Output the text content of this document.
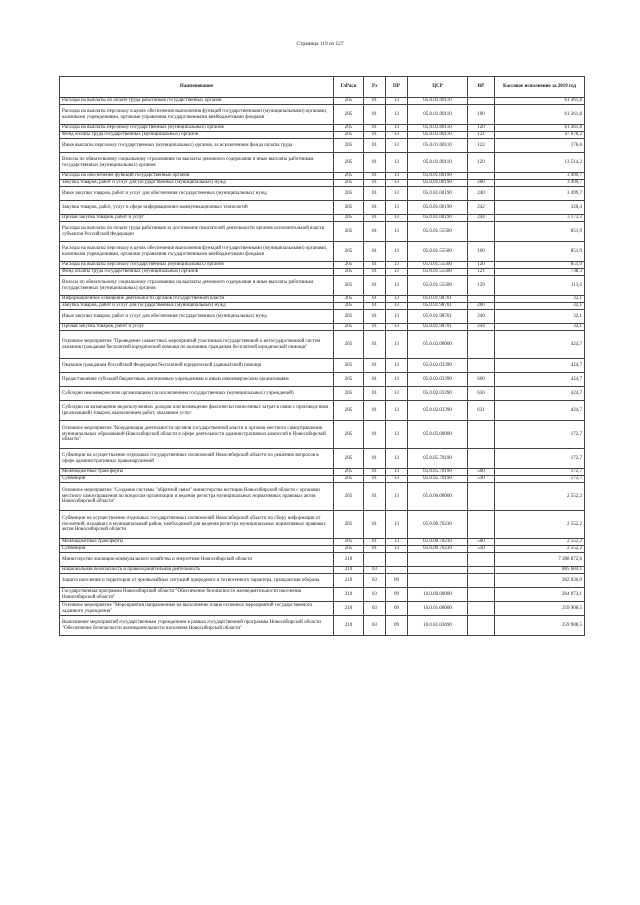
Страница 119 из 127
Наименование	ГлРасп	Рз	ПР	ЦСР	ВР	Кассовое исполнение за 2019 год
Расходы на выплаты по оплате труда работников государственных органов	205	01	13	05.0.01.00110		61 361,8
Расходы на выплаты персоналу в целях обеспечения выполнения функций государственными (муниципальными) органами, казенными учреждениями, органами управления государственными внебюджетными фондами	205	01	13	05.0.01.00110	100	61 361,8
Расходы на выплаты персоналу государственных (муниципальных) органов	205	01	13	05.0.01.00110	120	61 361,8
Фонд оплаты труда государственных (муниципальных) органов	205	01	13	05.0.01.00110	121	47 670,2
Иные выплаты персоналу государственных (муниципальных) органов, за исключением фонда оплаты труда	205	01	13	05.0.01.00110	122	176,6
Взносы по обязательному социальному страхованию на выплаты денежного содержания и иные выплаты работникам государственных (муниципальных) органов	205	01	13	05.0.01.00110	129	13 514,2
Расходы на обеспечение функций государственных органов	205	01	13	05.0.01.00190		3 499,7
Закупка товаров, работ и услуг для государственных (муниципальных) нужд	205	01	13	05.0.01.00190	200	3 499,7
Иные закупки товаров, работ и услуг для обеспечения государственных (муниципальных) нужд	205	01	13	05.0.01.00190	240	3 499,7
Закупка товаров, работ, услуг в сфере информационно-коммуникационных технологий	205	01	13	05.0.01.00190	242	326,4
Прочая закупка товаров, работ и услуг	205	01	13	05.0.01.00190	244	3 173,3
Расходы на выплаты по оплате труда работников за достижение показателей деятельности органов исполнительной власти субъектов Российской Федерации	205	01	13	05.0.01.55500		851,9
Расходы на выплаты персоналу в целях обеспечения выполнения функций государственными (муниципальными) органами, казенными учреждениями, органами управления государственными внебюджетными фондами	205	01	13	05.0.01.55500	100	851,9
Расходы на выплаты персоналу государственных (муниципальных) органов	205	01	13	05.0.01.55500	120	851,9
Фонд оплаты труда государственных (муниципальных) органов	205	01	13	05.0.01.55500	121	738,3
Взносы по обязательному социальному страхованию на выплаты денежного содержания и иные выплаты работникам государственных (муниципальных) органов	205	01	13	05.0.01.55500	129	113,6
Информационное освещение деятельности органов государственной власти	205	01	13	05.0.01.98701		32,1
Закупка товаров, работ и услуг для государственных (муниципальных) нужд	205	01	13	05.0.01.98701	200	32,1
Иные закупки товаров, работ и услуг для обеспечения государственных (муниципальных) нужд	205	01	13	05.0.01.98701	240	32,1
Прочая закупка товаров, работ и услуг	205	01	13	05.0.01.98701	244	32,1
Основное мероприятие "Проведение совместных мероприятий участников государственной и негосударственной систем оказания гражданам бесплатной юридической помощи по оказанию гражданам бесплатной юридической помощи"	205	01	13	05.0.02.00000		424,7
Оказание гражданам Российской Федерации бесплатной юридической (адвокатской) помощи	205	01	13	05.0.02.03390		424,7
Предоставление субсидий бюджетным, автономным учреждениям и иным некоммерческим организациям	205	01	13	05.0.02.03390	600	424,7
Субсидии некоммерческим организациям (за исключением государственных (муниципальных) учреждений)	205	01	13	05.0.02.03390	630	424,7
Субсидии на возмещение недополученных доходов или возмещение фактически понесенных затрат в связи с производством (реализацией) товаров, выполнением работ, оказанием услуг	205	01	13	05.0.02.03390	631	424,7
Основное мероприятие "Координация деятельности органов государственной власти и органов местного самоуправления муниципальных образований Новосибирской области в сфере деятельности административных комиссий в Новосибирской области"	205	01	13	05.0.05.00000		172,7
Субвенции на осуществление отдельных государственных полномочий Новосибирской области по решению вопросов в сфере административных правонарушений	205	01	13	05.0.05.70190		172,7
Межбюджетные трансферты	205	01	13	05.0.05.70190	500	172,7
Субвенции	205	01	13	05.0.05.70190	530	172,7
Основное мероприятие "Создание системы "обратной связи" министерства юстиции Новосибирской области с органами местного самоуправления по вопросам организации и ведения регистра муниципальных нормативных правовых актов Новосибирской области"	205	01	13	05.0.06.00000		2 552,2
Субвенции на осуществление отдельных государственных полномочий Новосибирской области по сбору информации от поселений, входящих в муниципальный район, необходимой для ведения регистра муниципальных нормативных правовых актов Новосибирской области	205	01	13	05.0.06.70230		2 552,2
Межбюджетные трансферты	205	01	13	05.0.06.70230	500	2 552,2
Субвенции	205	01	13	05.0.06.70230	530	2 552,2
Министерство жилищно-коммунального хозяйства и энергетики Новосибирской области	210					7 388 872,6
Национальная безопасность и правоохранительная деятельность	210	03				885 604,1
Защита населения и территории от чрезвычайных ситуаций природного и техногенного характера, гражданская оборона	210	03	09			302 936,0
Государственная программа Новосибирской области "Обеспечение безопасности жизнедеятельности населения Новосибирской области"	210	03	09	10.0.00.00000		264 073,1
Основное мероприятие "Мероприятия направленные на выполнение плана основных мероприятий государственного заданного учреждения"	210	03	09	10.0.01.00000		259 908,5
Выполнение мероприятий государственным учреждением в рамках государственной программы Новосибирской области "Обеспечение безопасности жизнедеятельности населения Новосибирской области"	210	03	09	10.0.01.03690		259 908,5
